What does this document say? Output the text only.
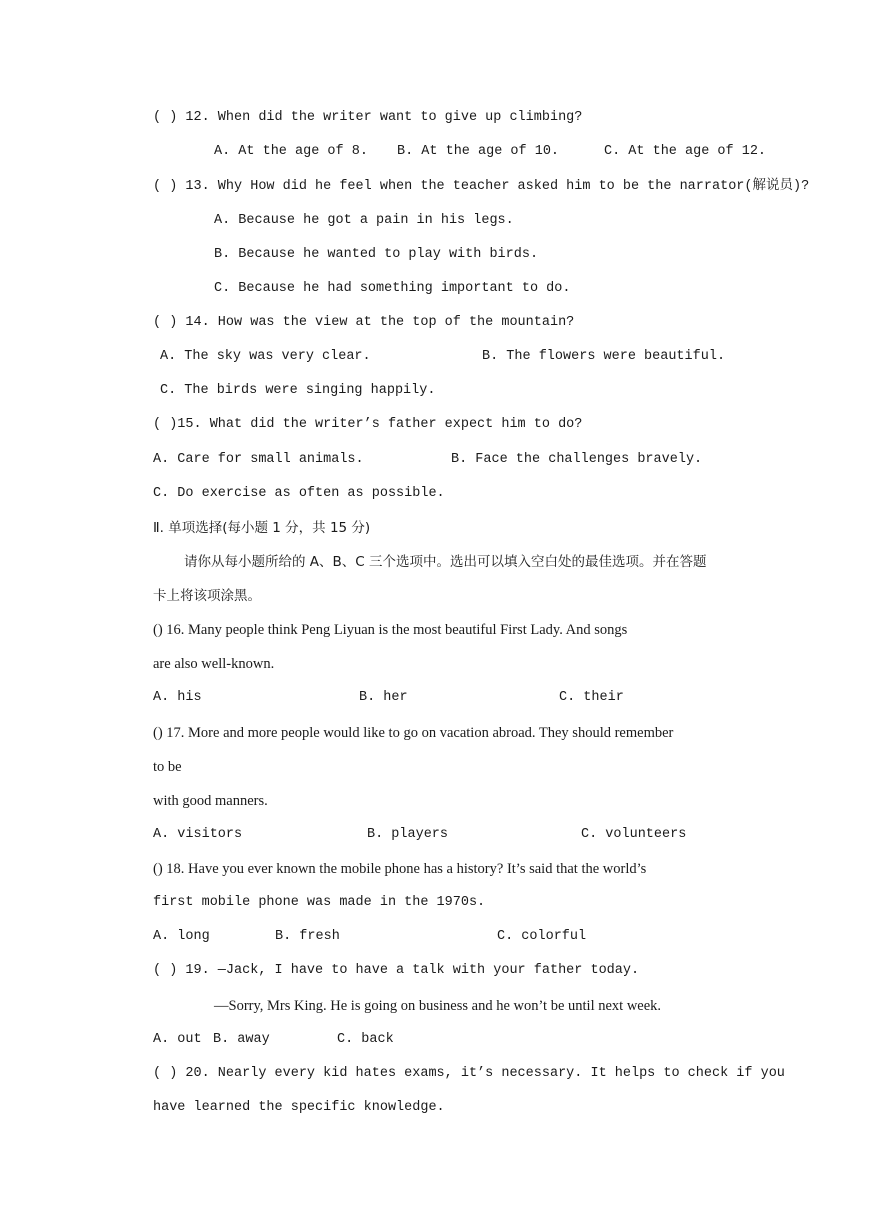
( ) 12. When did the writer want to give up climbing?
A. At the age of 8. B. At the age of 10.	C. At the age of 12.
( ) 13. Why How did he feel when the teacher asked him to be the narrator(解说员)?
A. Because he got a pain in his legs.
B. Because he wanted to play with birds.
C. Because he had something important to do.
( ) 14. How was the view at the top of the mountain?
A. The sky was very clear.	B. The flowers were beautiful.
C. The birds were singing happily.
( )15. What did the writer’s father expect him to do?
A. Care for small animals.	B. Face the challenges bravely.
C. Do exercise as often as possible.
Ⅱ. 单项选择(每小题 1 分，共 15 分)
请你从每小题所给的 A、B、C 三个选项中。选出可以填入空白处的最佳选项。并在答题
卡上将该项涂黑。
() 16. Many people think Peng Liyuan is the most beautiful First Lady. And songs
are also well-known.
A. his	B. her	C. their
() 17. More and more people would like to go on vacation abroad. They should remember
to be
with good manners.
A. visitors	B. players	C. volunteers
() 18. Have you ever known the mobile phone has a history? It’s said that the world’s
first mobile phone was made in the 1970s.
A. long	B. fresh	C. colorful
( ) 19. —Jack, I have to have a talk with your father today.
—Sorry, Mrs King. He is going on business and he won’t be until next week.
A. out B. away	C. back
( ) 20. Nearly every kid hates exams, it’s necessary. It helps to check if you
have learned the specific knowledge.
